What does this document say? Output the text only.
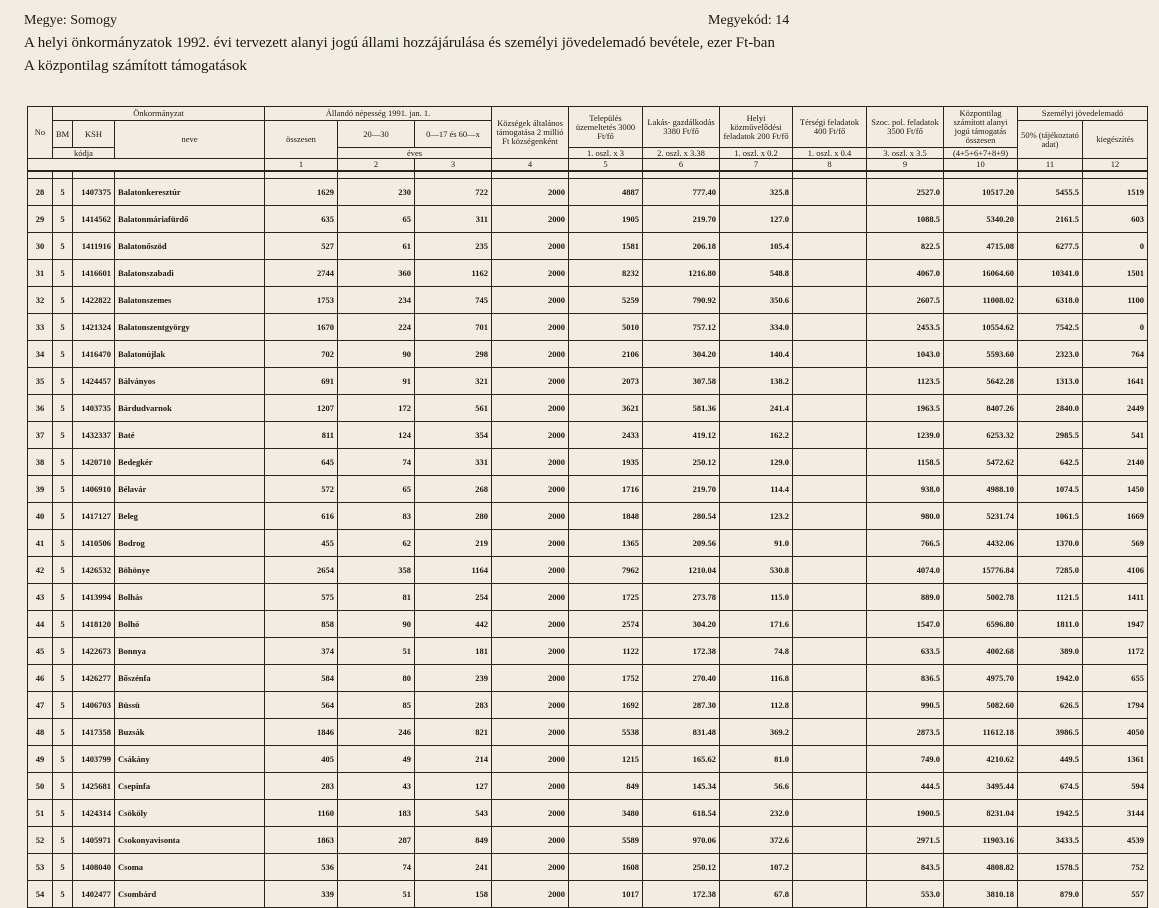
Megye: Somogy	Megyekód: 14
A helyi önkormányzatok 1992. évi tervezett alanyi jogú állami hozzájárulása és személyi jövedelemadó bevétele, ezer Ft-ban
A központilag számított támogatások
No	Önkormányzat			Állandó népesség 1991. jan. 1.			Községek általános támogatása 2 millió Ft községenként	Település üzemeltetés 3000 Ft/fő	Lakás- gazdálkodás 3380 Ft/fő	Helyi közművelődési feladatok 200 Ft/fő	Térségi feladatok 400 Ft/fő	Szoc. pol. feladatok 3500 Ft/fő	Központilag számított alanyi jogú támogatás összesen	Személyi jövedelemadó	
	BM	KSH	neve	összesen	20—30	0—17 és 60—x								50% (tájékoztató adat)	kiegészítés
	kódja				éves			1. oszl. x 3	2. oszl. x 3.38	1. oszl. x 0.2	1. oszl. x 0.4	3. oszl. x 3.5	(4+5+6+7+8+9)		
				1	2	3	4	5	6	7	8	9	10	11	12

28	5	1407375	Balatonkeresztúr	1629	230	722	2000	4887	777.40	325.8		2527.0	10517.20	5455.5	1519
29	5	1414562	Balatonmáriafürdő	635	65	311	2000	1905	219.70	127.0		1088.5	5340.20	2161.5	603
30	5	1411916	Balatonőszöd	527	61	235	2000	1581	206.18	105.4		822.5	4715.08	6277.5	0
31	5	1416601	Balatonszabadi	2744	360	1162	2000	8232	1216.80	548.8		4067.0	16064.60	10341.0	1501
32	5	1422822	Balatonszemes	1753	234	745	2000	5259	790.92	350.6		2607.5	11008.02	6318.0	1100
33	5	1421324	Balatonszentgyörgy	1670	224	701	2000	5010	757.12	334.0		2453.5	10554.62	7542.5	0
34	5	1416470	Balatonújlak	702	90	298	2000	2106	304.20	140.4		1043.0	5593.60	2323.0	764
35	5	1424457	Bálványos	691	91	321	2000	2073	307.58	138.2		1123.5	5642.28	1313.0	1641
36	5	1403735	Bárdudvarnok	1207	172	561	2000	3621	581.36	241.4		1963.5	8407.26	2840.0	2449
37	5	1432337	Baté	811	124	354	2000	2433	419.12	162.2		1239.0	6253.32	2985.5	541
38	5	1420710	Bedegkér	645	74	331	2000	1935	250.12	129.0		1158.5	5472.62	642.5	2140
39	5	1406910	Bélavár	572	65	268	2000	1716	219.70	114.4		938.0	4988.10	1074.5	1450
40	5	1417127	Beleg	616	83	280	2000	1848	280.54	123.2		980.0	5231.74	1061.5	1669
41	5	1410506	Bodrog	455	62	219	2000	1365	209.56	91.0		766.5	4432.06	1370.0	569
42	5	1426532	Böhönye	2654	358	1164	2000	7962	1210.04	530.8		4074.0	15776.84	7285.0	4106
43	5	1413994	Bolhás	575	81	254	2000	1725	273.78	115.0		889.0	5002.78	1121.5	1411
44	5	1418120	Bolhó	858	90	442	2000	2574	304.20	171.6		1547.0	6596.80	1811.0	1947
45	5	1422673	Bonnya	374	51	181	2000	1122	172.38	74.8		633.5	4002.68	389.0	1172
46	5	1426277	Bőszénfa	584	80	239	2000	1752	270.40	116.8		836.5	4975.70	1942.0	655
47	5	1406703	Büssü	564	85	283	2000	1692	287.30	112.8		990.5	5082.60	626.5	1794
48	5	1417358	Buzsák	1846	246	821	2000	5538	831.48	369.2		2873.5	11612.18	3986.5	4050
49	5	1403799	Csákány	405	49	214	2000	1215	165.62	81.0		749.0	4210.62	449.5	1361
50	5	1425681	Csepinfa	283	43	127	2000	849	145.34	56.6		444.5	3495.44	674.5	594
51	5	1424314	Csököly	1160	183	543	2000	3480	618.54	232.0		1900.5	8231.04	1942.5	3144
52	5	1405971	Csokonyavisonta	1863	287	849	2000	5589	970.06	372.6		2971.5	11903.16	3433.5	4539
53	5	1408040	Csoma	536	74	241	2000	1608	250.12	107.2		843.5	4808.82	1578.5	752
54	5	1402477	Csombárd	339	51	158	2000	1017	172.38	67.8		553.0	3810.18	879.0	557
